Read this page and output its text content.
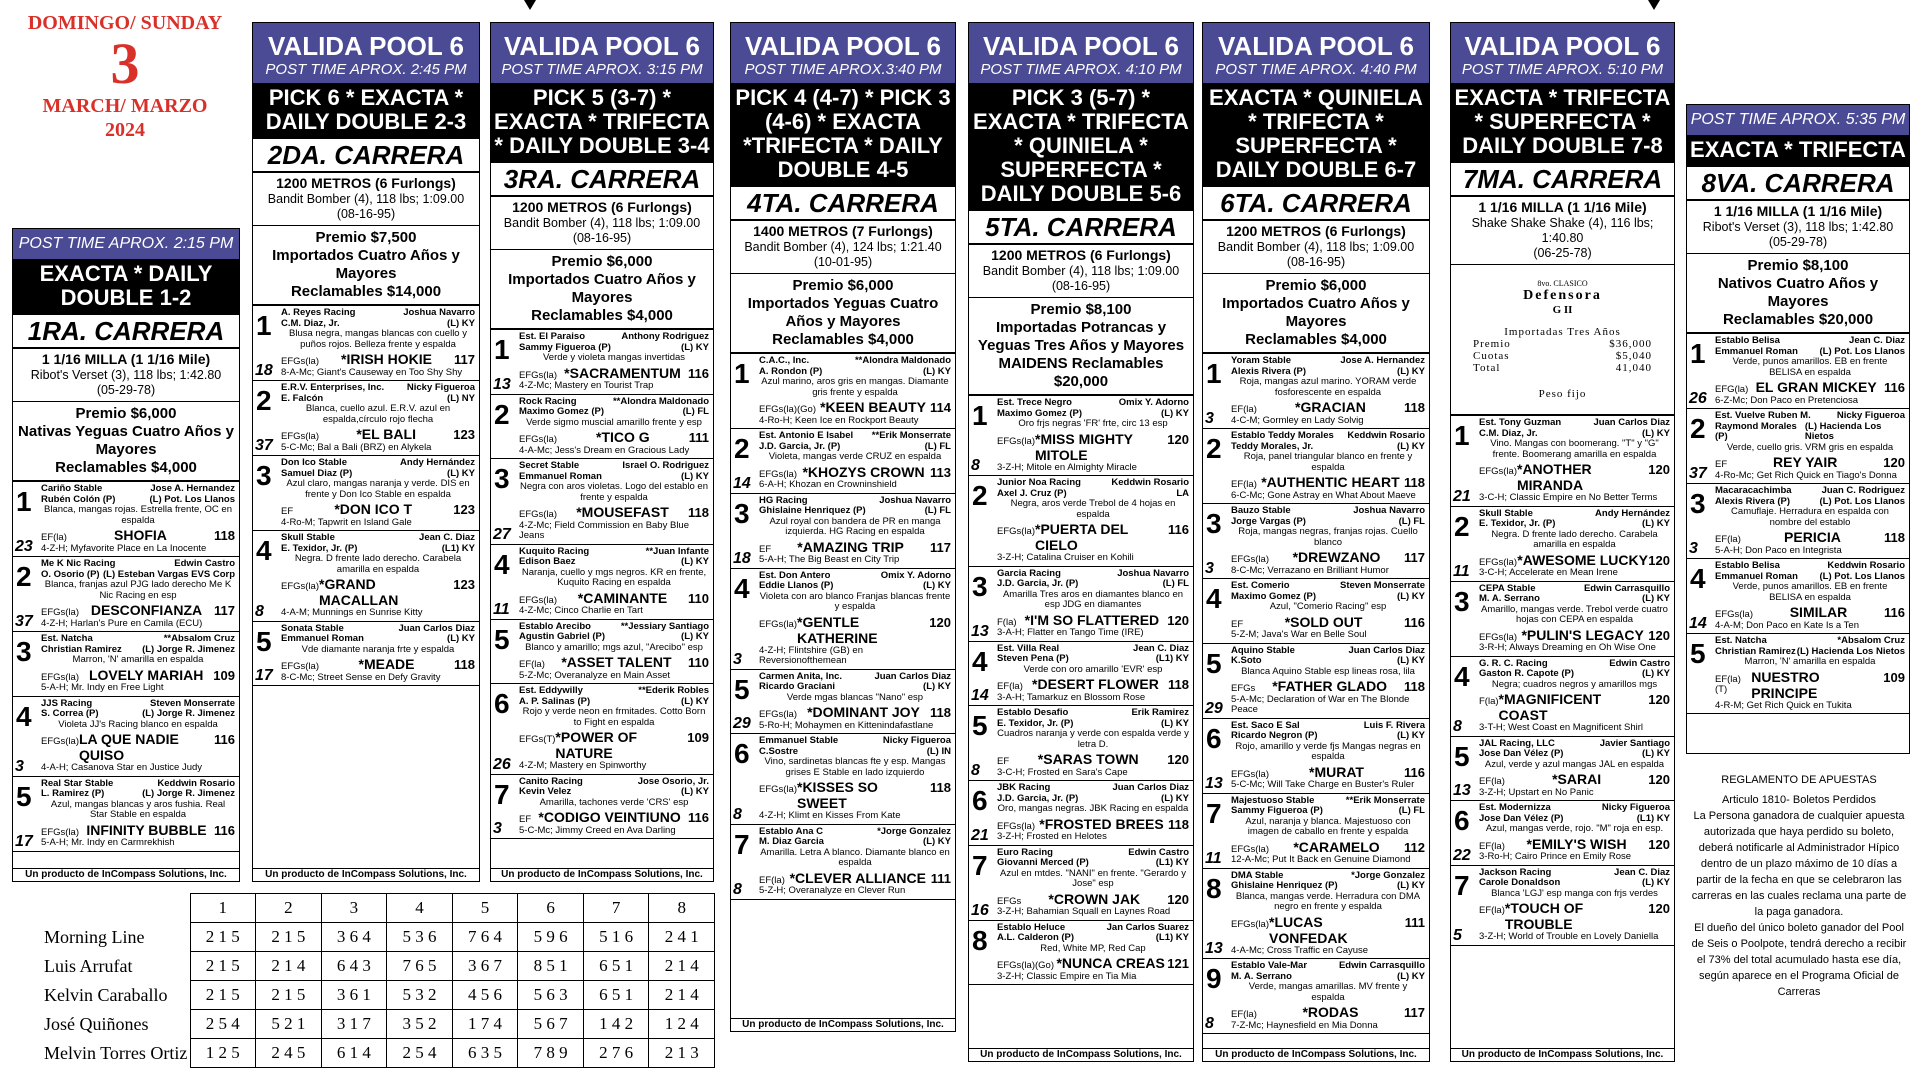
DOMINGO/ SUNDAY
3
MARCH/ MARZO
2024
POST TIME APROX. 2:15 PM
EXACTA * DAILY DOUBLE 1-2
1RA. CARRERA
1 1/16 MILLA (1 1/16 Mile)
Ribot's Verset (3), 118 lbs; 1:42.80
(05-29-78)
Premio $6,000
Nativas Yeguas Cuatro Años y Mayores
Reclamables $4,000
1
23
Cariño Stable	Jose A. Hernandez
Rubén Colón (P)	(L) Pot. Los Llanos
Blanca, mangas rojas. Estrella frente, OC en espalda
EF(la)	SHOFIA	118
4-Z-H; Myfavorite Place en La Inocente
2
37
Me K Nic Racing	Edwin Castro
O. Osorio (P) (L) Esteban Vargas EVS Corp
Blanca, franjas azul PJG lado derecho Me K Nic Racing en esp
EFGs(la) DESCONFIANZA 117
4-Z-H; Harlan's Pure en Camila (ECU)
3 Est. Natcha	**Absalom Cruz
Christian Ramirez (L) Jorge R. Jimenez
Marron, 'N' amarilla en espalda
EFGs(la) LOVELY MARIAH 109
5-A-H; Mr. Indy en Free Light
4
3
JJS Racing	Steven Monserrate
S. Correa (P)	(L) Jorge R. Jimenez
Violeta JJ's Racing blanco en espalda
EFGs(la) LA QUE NADIE QUISO
116
4-A-H; Casanova Star en Justice Judy
5
17
Real Star Stable	Keddwin Rosario
L. Ramirez (P)	(L) Jorge R. Jimenez
Azul, mangas blancas y aros fushia. Real Star Stable en espalda
EFGs(la) INFINITY BUBBLE 116
5-A-H; Mr. Indy en Carmrekhish
Un producto de InCompass Solutions, Inc.
VALIDA POOL 6
POST TIME APROX. 2:45 PM
PICK 6 * EXACTA * DAILY DOUBLE 2-3
2DA. CARRERA
1200 METROS (6 Furlongs)
Bandit Bomber (4), 118 lbs; 1:09.00
(08-16-95)
Premio $7,500
Importados Cuatro Años y Mayores
Reclamables $14,000
1
18
A. Reyes Racing	Joshua Navarro
C.M. Diaz, Jr.	(L) KY
Blusa negra, mangas blancas con cuello y puños rojos. Belleza frente y espalda
EFGs(la) *IRISH HOKIE 117
8-A-Mc; Giant's Causeway en Too Shy Shy
2
37
E.R.V. Enterprises, Inc. Nicky Figueroa
E. Falcón	(L) NY
Blanca, cuello azul. E.R.V. azul en espalda,círculo rojo flecha
EFGs(la)	*EL BALI	123
5-C-Mc; Bal a Bali (BRZ) en Alykela
3 Don Ico Stable	Andy Hernández
Samuel Diaz (P)	(L) KY
Azul claro, mangas naranja y verde. DIS en frente y Don Ico Stable en espalda
EF	*DON ICO T	123
4-Ro-M; Tapwrit en Island Gale
4
8
Skull Stable	Jean C. Diaz
E. Texidor, Jr. (P)	(L1) KY
Negra. D frente lado derecho. Carabela amarilla en espalda
EFGs(la) *GRAND MACALLAN
123
4-A-M; Munnings en Sunrise Kitty
5
17
Sonata Stable	Juan Carlos Diaz
Emmanuel Roman	(L) KY
Vde diamante naranja frte y espalda
EFGs(la)	*MEADE	118
8-C-Mc; Street Sense en Defy Gravity
Un producto de InCompass Solutions, Inc.
VALIDA POOL 6
POST TIME APROX. 3:15 PM
PICK 5 (3-7) * EXACTA * TRIFECTA * DAILY DOUBLE 3-4
3RA. CARRERA
1200 METROS (6 Furlongs)
Bandit Bomber (4), 118 lbs; 1:09.00
(08-16-95)
Premio $6,000
Importados Cuatro Años y Mayores
Reclamables $4,000
1
13
Est. El Paraiso	Anthony Rodriguez
Sammy Figueroa (P)	(L) KY
Verde y violeta mangas invertidas
EFGs(la) *SACRAMENTUM 116
4-Z-Mc; Mastery en Tourist Trap
2 Rock Racing	**Alondra Maldonado
Maximo Gomez (P)	(L) FL
Verde sigmo muscial amarillo frente y esp
EFGs(la)	*TICO G	111
4-A-Mc; Jess's Dream en Gracious Lady
3
27
Secret Stable	Israel O. Rodriguez
Emmanuel Roman	(L) KY
Negra con aros violetas. Logo del establo en frente y espalda
EFGs(la) *MOUSEFAST 118
4-Z-Mc; Field Commission en Baby Blue Jeans
4
11
Kuquito Racing	**Juan Infante
Edison Baez	(L) KY
Naranja, cuello y mgs negros. KR en frente, Kuquito Racing en espalda
EFGs(la) *CAMINANTE 110
4-Z-Mc; Cinco Charlie en Tart
5 Establo Arecibo	**Jessiary Santiago
Agustin Gabriel (P)	(L) KY
Blanco y amarillo; mgs azul, "Arecibo" esp
EF(la) *ASSET TALENT 110
5-Z-Mc; Overanalyze en Main Asset
6
26
Est. Eddywilly	**Ederik Robles
A. P. Salinas (P)	(L) KY
Rojo y verde neon en frmitades. Cotto Born to Fight en espalda
EFGs(T) *POWER OF NATURE
109
4-Z-M; Mastery en Spinworthy
7
3
Canito Racing	Jose Osorio, Jr.
Kevin Velez	(L) KY
Amarilla, tachones verde 'CRS' esp
EF *CODIGO VEINTIUNO 116
5-C-Mc; Jimmy Creed en Ava Darling
Un producto de InCompass Solutions, Inc.
VALIDA POOL 6
POST TIME APROX.3:40 PM
PICK 4 (4-7) * PICK 3 (4-6) * EXACTA *TRIFECTA * DAILY DOUBLE 4-5
4TA. CARRERA
1400 METROS (7 Furlongs)
Bandit Bomber (4), 124 lbs; 1:21.40
(10-01-95)
Premio $6,000
Importados Yeguas Cuatro Años y Mayores
Reclamables $4,000
1 C.A.C., Inc.	**Alondra Maldonado
A. Rondon (P)	(L) KY
Azul marino, aros gris en mangas. Diamante gris frente y espalda
EFGs(la)(Go) *KEEN BEAUTY 114
4-Ro-H; Keen Ice en Rockport Beauty
2
14
Est. Antonio E Isabel **Erik Monserrate
J.D. Garcia, Jr. (P)	(L) FL
Violeta, mangas verde CRUZ en espalda
EFGs(la) *KHOZYS CROWN 113
6-A-H; Khozan en Crowninshield
3
18
HG Racing	Joshua Navarro
Ghislaine Henriquez (P)	(L) FL
Azul royal con bandera de PR en manga izquierda. HG Racing en espalda
EF *AMAZING TRIP 117
5-A-H; The Big Beast en City Trip
4
3
Est. Don Antero	Omix Y. Adorno
Eddie Llanos (P)	(L) KY
Violeta con aro blanco Franjas blancas frente y espalda
EFGs(la) *GENTLE KATHERINE
120
4-Z-H; Flintshire (GB) en Reversionofthemean
5
29
Carmen Anita, Inc.	Juan Carlos Diaz
Ricardo Graciani	(L) KY
Verde mgas blancas "Nano" esp
EFGs(la) *DOMINANT JOY 118
5-Ro-H; Mohaymen en Kittenindafastlane
6
8
Emmanuel Stable	Nicky Figueroa
C.Sostre	(L) IN
Vino, sardinetas blancas fte y esp. Mangas grises E Stable en lado izquierdo
EFGs(la) *KISSES SO SWEET
118
4-Z-H; Klimt en Kisses From Kate
7
8
Establo Ana C	*Jorge Gonzalez
M. Diaz Garcia	(L) KY
Amarilla. Letra A blanco. Diamante blanco en espalda
EF(la) *CLEVER ALLIANCE 111
5-Z-H; Overanalyze en Clever Run
Un producto de InCompass Solutions, Inc.
VALIDA POOL 6
POST TIME APROX. 4:10 PM
PICK 3 (5-7) * EXACTA * TRIFECTA * QUINIELA * SUPERFECTA * DAILY DOUBLE 5-6
5TA. CARRERA
1200 METROS (6 Furlongs)
Bandit Bomber (4), 118 lbs; 1:09.00
(08-16-95)
Premio $8,100
Importadas Potrancas y Yeguas Tres Años y Mayores
MAIDENS Reclamables $20,000
1
8
Est. Trece Negro	Omix Y. Adorno
Maximo Gomez (P)	(L) KY
Oro frjs negras 'FR' frte, circ 13 esp
EFGs(la) *MISS MIGHTY MITOLE
120
3-Z-H; Mitole en Almighty Miracle
2 Junior Noa Racing	Keddwin Rosario
Axel J. Cruz (P)	LA
Negra, aros verde Trebol de 4 hojas en espalda
EFGs(la) *PUERTA DEL CIELO
116
3-Z-H; Catalina Cruiser en Kohili
3
13
Garcia Racing	Joshua Navarro
J.D. Garcia, Jr. (P)	(L) FL
Amarilla Tres aros en diamantes blanco en esp JDG en diamantes
F(la) *I'M SO FLATTERED 120
3-A-H; Flatter en Tango Time (IRE)
4
14
Est. Villa Real	Jean C. Diaz
Steven Pena (P)	(L1) KY
Verde con oro amarillo 'EVR' esp
EF(la) *DESERT FLOWER 118
3-A-H; Tamarkuz en Blossom Rose
5
8
Establo Desafio	Erik Ramirez
E. Texidor, Jr. (P)	(L) KY
Cuadros naranja y verde con espalda verde y letra D.
EF *SARAS TOWN 120
3-C-H; Frosted en Sara's Cape
6
21
JBK Racing	Juan Carlos Diaz
J.D. Garcia, Jr. (P)	(L) KY
Oro, mangas negras. JBK Racing en espalda
EFGs(la) *FROSTED BREES 118
3-Z-H; Frosted en Helotes
7
16
Euro Racing	Edwin Castro
Giovanni Merced (P)	(L1) KY
Azul en mtdes. "NANI" en frente. "Gerardo y Jose" esp
EFGs *CROWN JAK 120
3-Z-H; Bahamian Squall en Laynes Road
8 Establo Heluce	Jan Carlos Suarez
A.L. Calderon (P)	(L1) KY
Red, White MP, Red Cap
EFGs(la)(Go) *NUNCA CREAS 121
3-Z-H; Classic Empire en Tia Mia
Un producto de InCompass Solutions, Inc.
VALIDA POOL 6
POST TIME APROX. 4:40 PM
EXACTA * QUINIELA * TRIFECTA * SUPERFECTA * DAILY DOUBLE 6-7
6TA. CARRERA
1200 METROS (6 Furlongs)
Bandit Bomber (4), 118 lbs; 1:09.00
(08-16-95)
Premio $6,000
Importados Cuatro Años y Mayores
Reclamables $4,000
1
3
Yoram Stable	Jose A. Hernandez
Alexis Rivera (P)	(L) KY
Roja, mangas azul marino. YORAM verde fosforescente en espalda
EF(la)	*GRACIAN	118
4-C-M; Gormley en Lady Solvig
2 Establo Teddy Morales Keddwin Rosario
Teddy Morales, Jr.	(L) KY
Roja, panel triangular blanco en frente y espalda
EF(la) *AUTHENTIC HEART 118
6-C-Mc; Gone Astray en What About Maeve
3
3
Bauzo Stable	Joshua Navarro
Jorge Vargas (P)	(L) FL
Roja, mangas negras, franjas rojas. Cuello blanco
EFGs(la) *DREWZANO 117
8-C-Mc; Verrazano en Brilliant Humor
4 Est. Comerio	Steven Monserrate
Maximo Gomez (P)	(L) KY
Azul, "Comerio Racing" esp
EF	*SOLD OUT	116
5-Z-M; Java's War en Belle Soul
5
29
Aquino Stable	Juan Carlos Diaz
K.Soto	(L) KY
Blanca Aquino Stable esp lineas rosa, lila
EFGs *FATHER GLADO 118
5-A-Mc; Declaration of War en The Blonde Peace
6
13
Est. Saco E Sal	Luis F. Rivera
Ricardo Negron (P)	(L) KY
Rojo, amarillo y verde fjs Mangas negras en espalda
EFGs(la)	*MURAT	116
5-C-Mc; Will Take Charge en Buster's Ruler
7
11
Majestuoso Stable	**Erik Monserrate
Sammy Figueroa (P)	(L) FL
Azul, naranja y blanca. Majestuoso con imagen de caballo en frente y espalda
EFGs(la) *CARAMELO 112
12-A-Mc; Put It Back en Genuine Diamond
8
13
DMA Stable	*Jorge Gonzalez
Ghislaine Henriquez (P)	(L) KY
Blanca, mangas verde. Herradura con DMA negro en frente y espalda
EFGs(la) *LUCAS VONFEDAK
111
4-A-Mc; Cross Traffic en Cayuse
9
8
Establo Vale-Mar	Edwin Carrasquillo
M. A. Serrano	(L) KY
Verde, mangas amarillas. MV frente y espalda
EF(la)	*RODAS	117
7-Z-Mc; Haynesfield en Mia Donna
Un producto de InCompass Solutions, Inc.
VALIDA POOL 6
POST TIME APROX. 5:10 PM
EXACTA * TRIFECTA * SUPERFECTA * DAILY DOUBLE 7-8
7MA. CARRERA
1 1/16 MILLA (1 1/16 Mile)
Shake Shake Shake (4), 116 lbs; 1:40.80
(06-25-78)
8vo. CLASICO
Defensora
G II
Importadas Tres Años
Premio	$36,000
Cuotas	$5,040
Total	41,040
Peso fijo
1
21
Est. Tony Guzman	Juan Carlos Diaz
C.M. Diaz, Jr.	(L) KY
Vino. Mangas con boomerang. "T" y "G" frente. Boomerang amarilla en espalda
EFGs(la) *ANOTHER MIRANDA
120
3-C-H; Classic Empire en No Better Terms
2
11
Skull Stable	Andy Hernández
E. Texidor, Jr. (P)	(L) KY
Negra. D frente lado derecho. Carabela amarilla en espalda
EFGs(la) *AWESOME LUCKY 120
3-C-H; Accelerate en Mean Irene
3 CEPA Stable	Edwin Carrasquillo
M. A. Serrano	(L) KY
Amarillo, mangas verde. Trebol verde cuatro hojas con CEPA en espalda
EFGs(la) *PULIN'S LEGACY 120
3-R-H; Always Dreaming en Oh Wise One
4
8
G. R. C. Racing	Edwin Castro
Gaston R. Capote (P)	(L) KY
Negra; cuadros negros y amarillos mgs
F(la) *MAGNIFICENT COAST
120
3-T-H; West Coast en Magnificent Shirl
5
13
JAL Racing, LLC	Javier Santiago
Jose Dan Vélez (P)	(L) KY
Azul, verde y azul mangas JAL en espalda
EF(la)	*SARAI	120
3-Z-H; Upstart en No Panic
6
22
Est. Modernizza	Nicky Figueroa
Jose Dan Vélez (P)	(L1) KY
Azul, mangas verde, rojo. "M" roja en esp.
EF(la) *EMILY'S WISH 120
3-Ro-H; Cairo Prince en Emily Rose
7
5
Jackson Racing	Jean C. Diaz
Carole Donaldson	(L) KY
Blanca 'LGJ' esp manga con frjs verdes
EF(la) *TOUCH OF TROUBLE
120
3-Z-H; World of Trouble en Lovely Daniella
Un producto de InCompass Solutions, Inc.
POST TIME APROX. 5:35 PM
EXACTA * TRIFECTA
8VA. CARRERA
1 1/16 MILLA (1 1/16 Mile)
Ribot's Verset (3), 118 lbs; 1:42.80
(05-29-78)
Premio $8,100
Nativos Cuatro Años y Mayores
Reclamables $20,000
1
26
Establo Belisa	Jean C. Diaz
Emmanuel Roman (L) Pot. Los Llanos
Verde, punos amarillos. EB en frente BELISA en espalda
EFG(la) EL GRAN MICKEY 116
6-Z-Mc; Don Paco en Pretenciosa
2
37
Est. Vuelve Ruben M.	Nicky Figueroa
Raymond Morales (P)
(L) Hacienda Los Nietos
Verde, cuello gris. VRM gris en espalda
EF	REY YAIR	120
4-Ro-Mc; Get Rich Quick en Tiago's Donna
3
3
Macaracachimba	Juan C. Rodriguez
Alexis Rivera (P)	(L) Pot. Los Llanos
Camuflaje. Herradura en espalda con nombre del establo
EF(la)	PERICIA	118
5-A-H; Don Paco en Integrista
4
14
Establo Belisa	Keddwin Rosario
Emmanuel Roman (L) Pot. Los Llanos
Verde, punos amarillos. EB en frente BELISA en espalda
EFGs(la)	SIMILAR	116
4-A-M; Don Paco en Kate Is a Ten
5 Est. Natcha	*Absalom Cruz
Christian Ramirez (L) Hacienda Los Nietos
Marron, 'N' amarilla en espalda
EF(la)(T)
NUESTRO PRINCIPE
109
4-R-M; Get Rich Quick en Tukita
	1	2	3	4	5	6	7	8
Morning Line	2 1 5	2 1 5	3 6 4	5 3 6	7 6 4	5 9 6	5 1 6	2 4 1
Luis Arrufat	2 1 5	2 1 4	6 4 3	7 6 5	3 6 7	8 5 1	6 5 1	2 1 4
Kelvin Caraballo	2 1 5	2 1 5	3 6 1	5 3 2	4 5 6	5 6 3	6 5 1	2 1 4
José Quiñones	2 5 4	5 2 1	3 1 7	3 5 2	1 7 4	5 6 7	1 4 2	1 2 4
Melvin Torres Ortiz	1 2 5	2 4 5	6 1 4	2 5 4	6 3 5	7 8 9	2 7 6	2 1 3
REGLAMENTO DE APUESTAS
Articulo 1810- Boletos Perdidos
La Persona ganadora de cualquier apuesta autorizada que haya perdido su boleto, deberá notificarle al Administrador Hípico dentro de un plazo máximo de 10 días a partir de la fecha en que se celebraron las carreras en las cuales reclama una parte de la paga ganadora.
El dueño del único boleto ganador del Pool de Seis o Poolpote, tendrá derecho a recibir el 73% del total acumulado hasta ese día, según aparece en el Programa Oficial de Carreras
